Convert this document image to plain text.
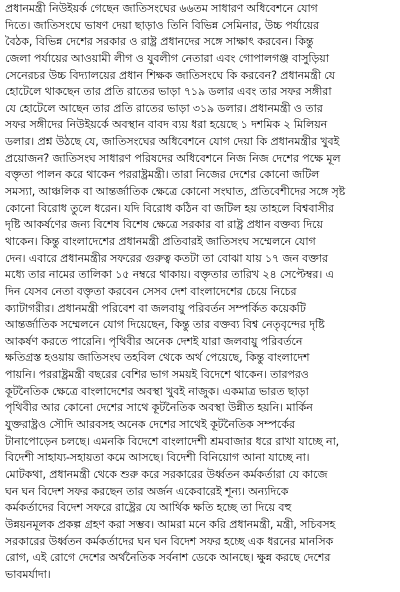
প্রধানমন্ত্রী নিউইয়র্ক গেছেন জাতিসংঘের ৬৬তম সাধারণ অধিবেশনে যোগ
দিতে। জাতিসংঘে ভাষণ দেয়া ছাড়াও তিনি বিভিন্ন সেমিনার, উচ্চ পর্যায়ের
বৈঠক, বিভিন্ন দেশের সরকার ও রাষ্ট্র প্রধানদের সঙ্গে সাক্ষাৎ করবেন। কিন্তু
জেলা পর্যায়ের আওয়ামী লীগ ও যুবলীগ নেতারা এবং গোপালগঞ্জ বাসুড়িয়া
সেনেরচর উচ্চ বিদ্যালয়ের প্রধান শিক্ষক জাতিসংঘে কি করবেন? প্রধানমন্ত্রী যে
হোটেলে থাকছেন তার প্রতি রাতের ভাড়া ৭১৯ ডলার এবং তার সফর সঙ্গীরা
যে হোটেলে আছেন তার প্রতি রাতের ভাড়া ৩১৯ ডলার। প্রধানমন্ত্রী ও তার
সফর সঙ্গীদের নিউইয়র্কে অবস্থান বাবদ ব্যয় ধরা হয়েছে ১ দশমিক ২ মিলিয়ন
ডলার। প্রশ্ন উঠছে যে, জাতিসংঘের অধিবেশনে যোগ দেয়া কি প্রধানমন্ত্রীর খুবই
প্রয়োজন? জাতিসংঘ সাধারণ পরিষদের অধিবেশনে নিজ নিজ দেশের পক্ষে মূল
বক্তৃতা পালন করে থাকেন পররাষ্ট্রমন্ত্রী। তারা নিজের দেশের কোনো জটিল
সমস্যা, আঞ্চলিক বা আন্তর্জাতিক ক্ষেত্রে কোনো সংঘাত, প্রতিবেশীদের সঙ্গে সৃষ্ট
কোনো বিরোধ তুলে ধরেন। যদি বিরোধ কঠিন বা জটিল হয় তাহলে বিশ্ববাসীর
দৃষ্টি আকর্ষণের জন্য বিশেষ বিশেষ ক্ষেত্রে সরকার বা রাষ্ট্র প্রধান বক্তব্য দিয়ে
থাকেন। কিন্তু বাংলাদেশের প্রধানমন্ত্রী প্রতিবারই জাতিসংঘ সম্মেলনে যোগ
দেন। এবারে প্রধানমন্ত্রীর সফরের গুরুত্ব কতটা তা বোঝা যায় ১৭ জন বক্তার
মধ্যে তার নামের তালিকা ১৫ নম্বরে থাকায়। বক্তৃতার তারিখ ২৪ সেপ্টেম্বর। এ
দিন যেসব নেতা বক্তৃতা করবেন সেসব দেশ বাংলাদেশের চেয়ে নিচের
ক্যাটাগরীর। প্রধানমন্ত্রী পরিবেশ বা জলবায়ু পরিবর্তন সম্পর্কিত কয়েকটি
আন্তর্জাতিক সম্মেলনে যোগ দিয়েছেন, কিন্তু তার বক্তব্য বিশ্ব নেতৃবৃন্দের দৃষ্টি
আকর্ষণ করতে পারেনি। পৃথিবীর অনেক দেশই যারা জলবায়ু পরিবর্তনে
ক্ষতিগ্রস্ত হওয়ায় জাতিসংঘ তহবিল থেকে অর্থ পেয়েছে, কিন্তু বাংলাদেশ
পায়নি। পররাষ্ট্রমন্ত্রী বছরের বেশির ভাগ সময়ই বিদেশে থাকেন। তারপরও
কূটনৈতিক ক্ষেত্রে বাংলাদেশের অবস্থা খুবই নাজুক। একমাত্র ভারত ছাড়া
পৃথিবীর আর কোনো দেশের সাথে কূটনৈতিক অবস্থা উন্নীত হয়নি। মার্কিন
যুক্তরাষ্ট্রও সৌদি আরবসহ অনেক দেশের সাথেই কূটনৈতিক সম্পর্কের
টানাপোড়েন চলছে। এমনকি বিদেশে বাংলাদেশী শ্রমবাজার ধরে রাখা যাচ্ছে না,
বিদেশী সাহায্য-সহায়তা কমে আসছে। বিদেশী বিনিয়োগ আনা যাচ্ছে না।
মোটকথা, প্রধানমন্ত্রী থেকে শুরু করে সরকারের উর্ধ্বতন কর্মকর্তারা যে কাজে
ঘন ঘন বিদেশ সফর করছেন তার অর্জন একেবারেই শূন্য। অন্যদিকে
কর্মকর্তাদের বিদেশ সফরে রাষ্ট্রের যে আর্থিক ক্ষতি হচ্ছে তা দিয়ে বহু
উন্নয়নমূলক প্রকল্প গ্রহণ করা সম্ভব। আমরা মনে করি প্রধানমন্ত্রী, মন্ত্রী, সচিবসহ
সরকারের উর্ধ্বতন কর্মকর্তাদের ঘন ঘন বিদেশ সফর হচ্ছে এক ধরনের মানসিক
রোগ, এই রোগে দেশের অর্থনৈতিক সর্বনাশ ডেকে আনছে। ক্ষুন্ন করছে দেশের
ভাবমর্যাদা।
